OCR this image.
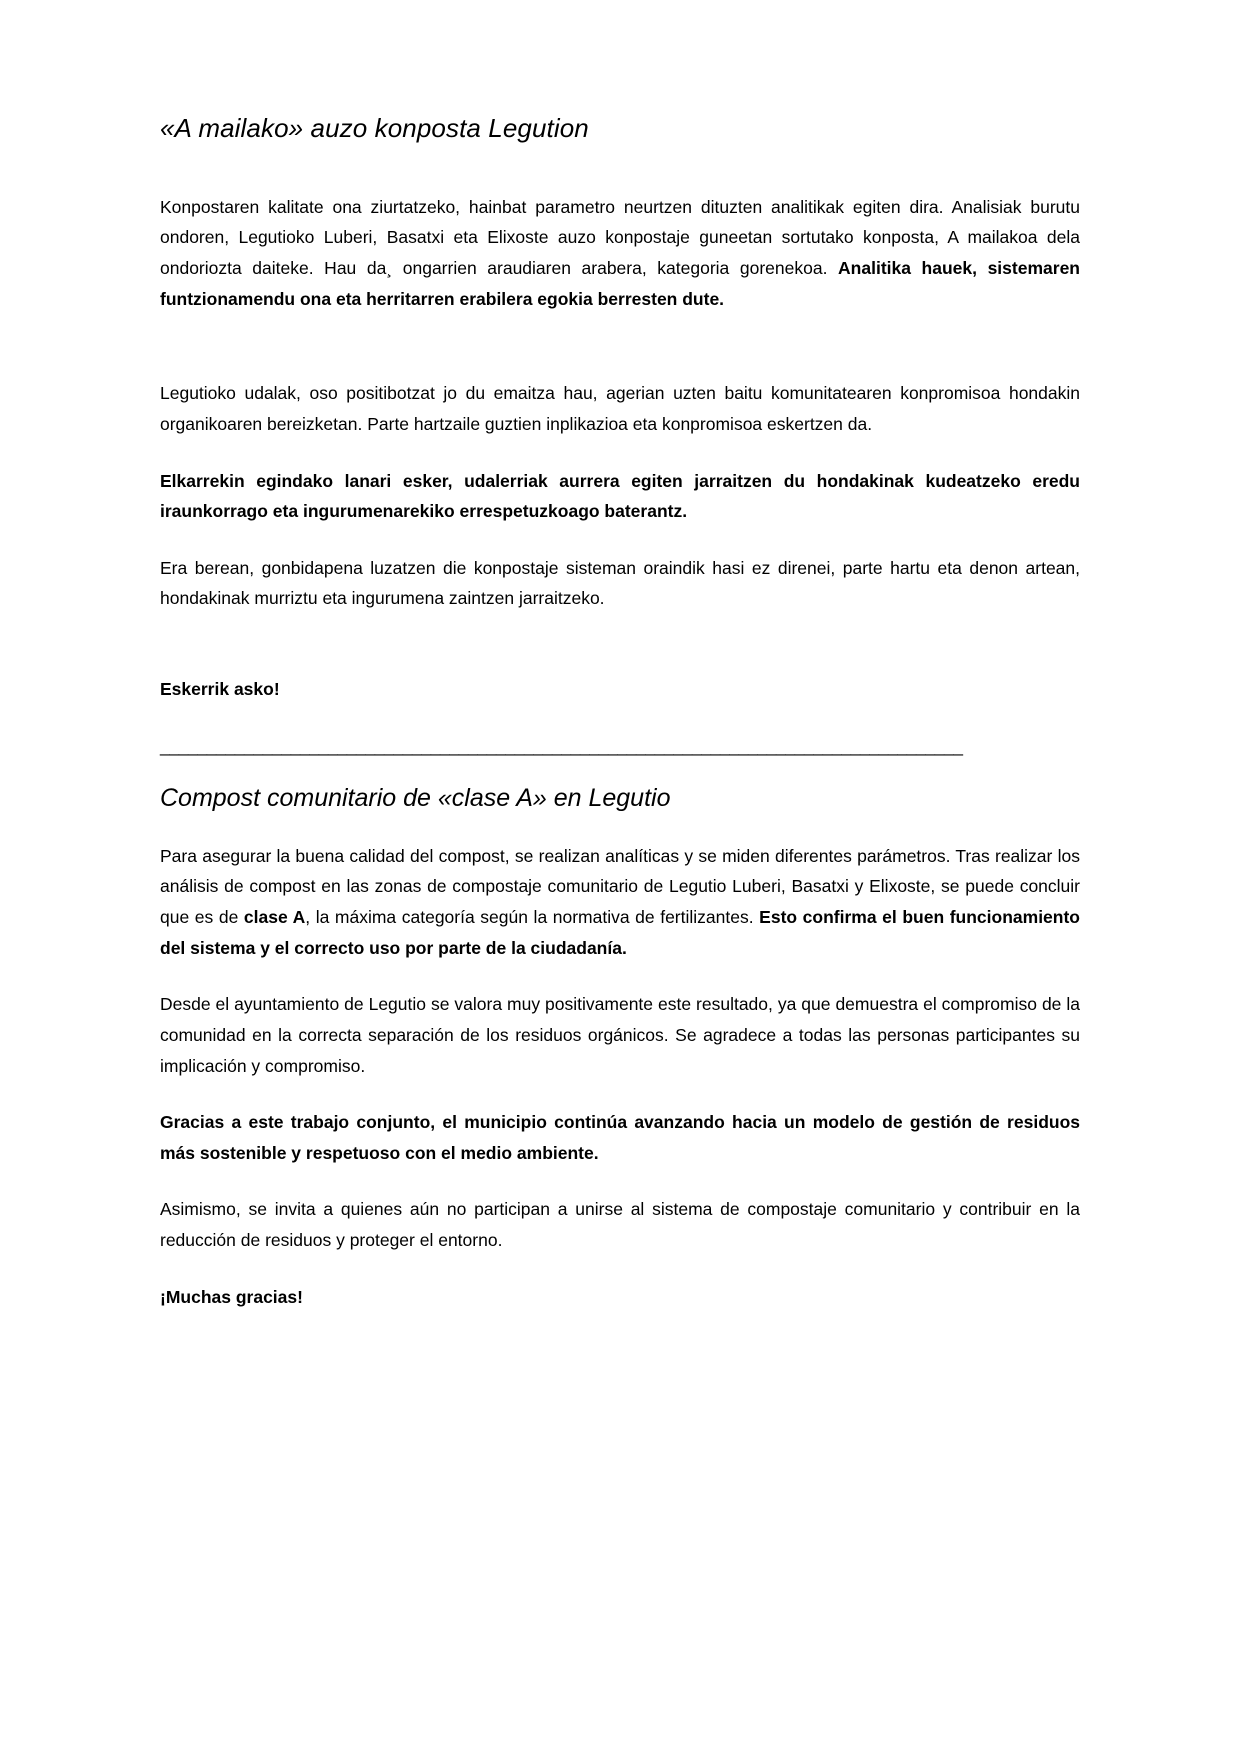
«A mailako» auzo konposta Legution

Konpostaren kalitate ona ziurtatzeko, hainbat parametro neurtzen dituzten analitikak egiten dira. Analisiak burutu ondoren, Legutioko Luberi, Basatxi eta Elixoste auzo konpostaje guneetan sortutako konposta, A mailakoa dela ondoriozta daiteke. Hau da¸ ongarrien araudiaren arabera, kategoria gorenekoa. Analitika hauek, sistemaren funtzionamendu ona eta herritarren erabilera egokia berresten dute.

Legutioko udalak, oso positibotzat jo du emaitza hau, agerian uzten baitu komunitatearen konpromisoa hondakin organikoaren bereizketan. Parte hartzaile guztien inplikazioa eta konpromisoa eskertzen da.

Elkarrekin egindako lanari esker, udalerriak aurrera egiten jarraitzen du hondakinak kudeatzeko eredu iraunkorrago eta ingurumenarekiko errespetuzkoago baterantz.

Era berean, gonbidapena luzatzen die konpostaje sisteman oraindik hasi ez direnei, parte hartu eta denon artean, hondakinak murriztu eta ingurumena zaintzen jarraitzeko.

Eskerrik asko!

______________________________________________________________________________________

Compost comunitario de «clase A» en Legutio

Para asegurar la buena calidad del compost, se realizan analíticas y se miden diferentes parámetros. Tras realizar los análisis de compost en las zonas de compostaje comunitario de Legutio Luberi, Basatxi y Elixoste, se puede concluir que es de clase A, la máxima categoría según la normativa de fertilizantes. Esto confirma el buen funcionamiento del sistema y el correcto uso por parte de la ciudadanía.

Desde el ayuntamiento de Legutio se valora muy positivamente este resultado, ya que demuestra el compromiso de la comunidad en la correcta separación de los residuos orgánicos. Se agradece a todas las personas participantes su implicación y compromiso.

Gracias a este trabajo conjunto, el municipio continúa avanzando hacia un modelo de gestión de residuos más sostenible y respetuoso con el medio ambiente.

Asimismo, se invita a quienes aún no participan a unirse al sistema de compostaje comunitario y contribuir en la reducción de residuos y proteger el entorno.

¡Muchas gracias!
